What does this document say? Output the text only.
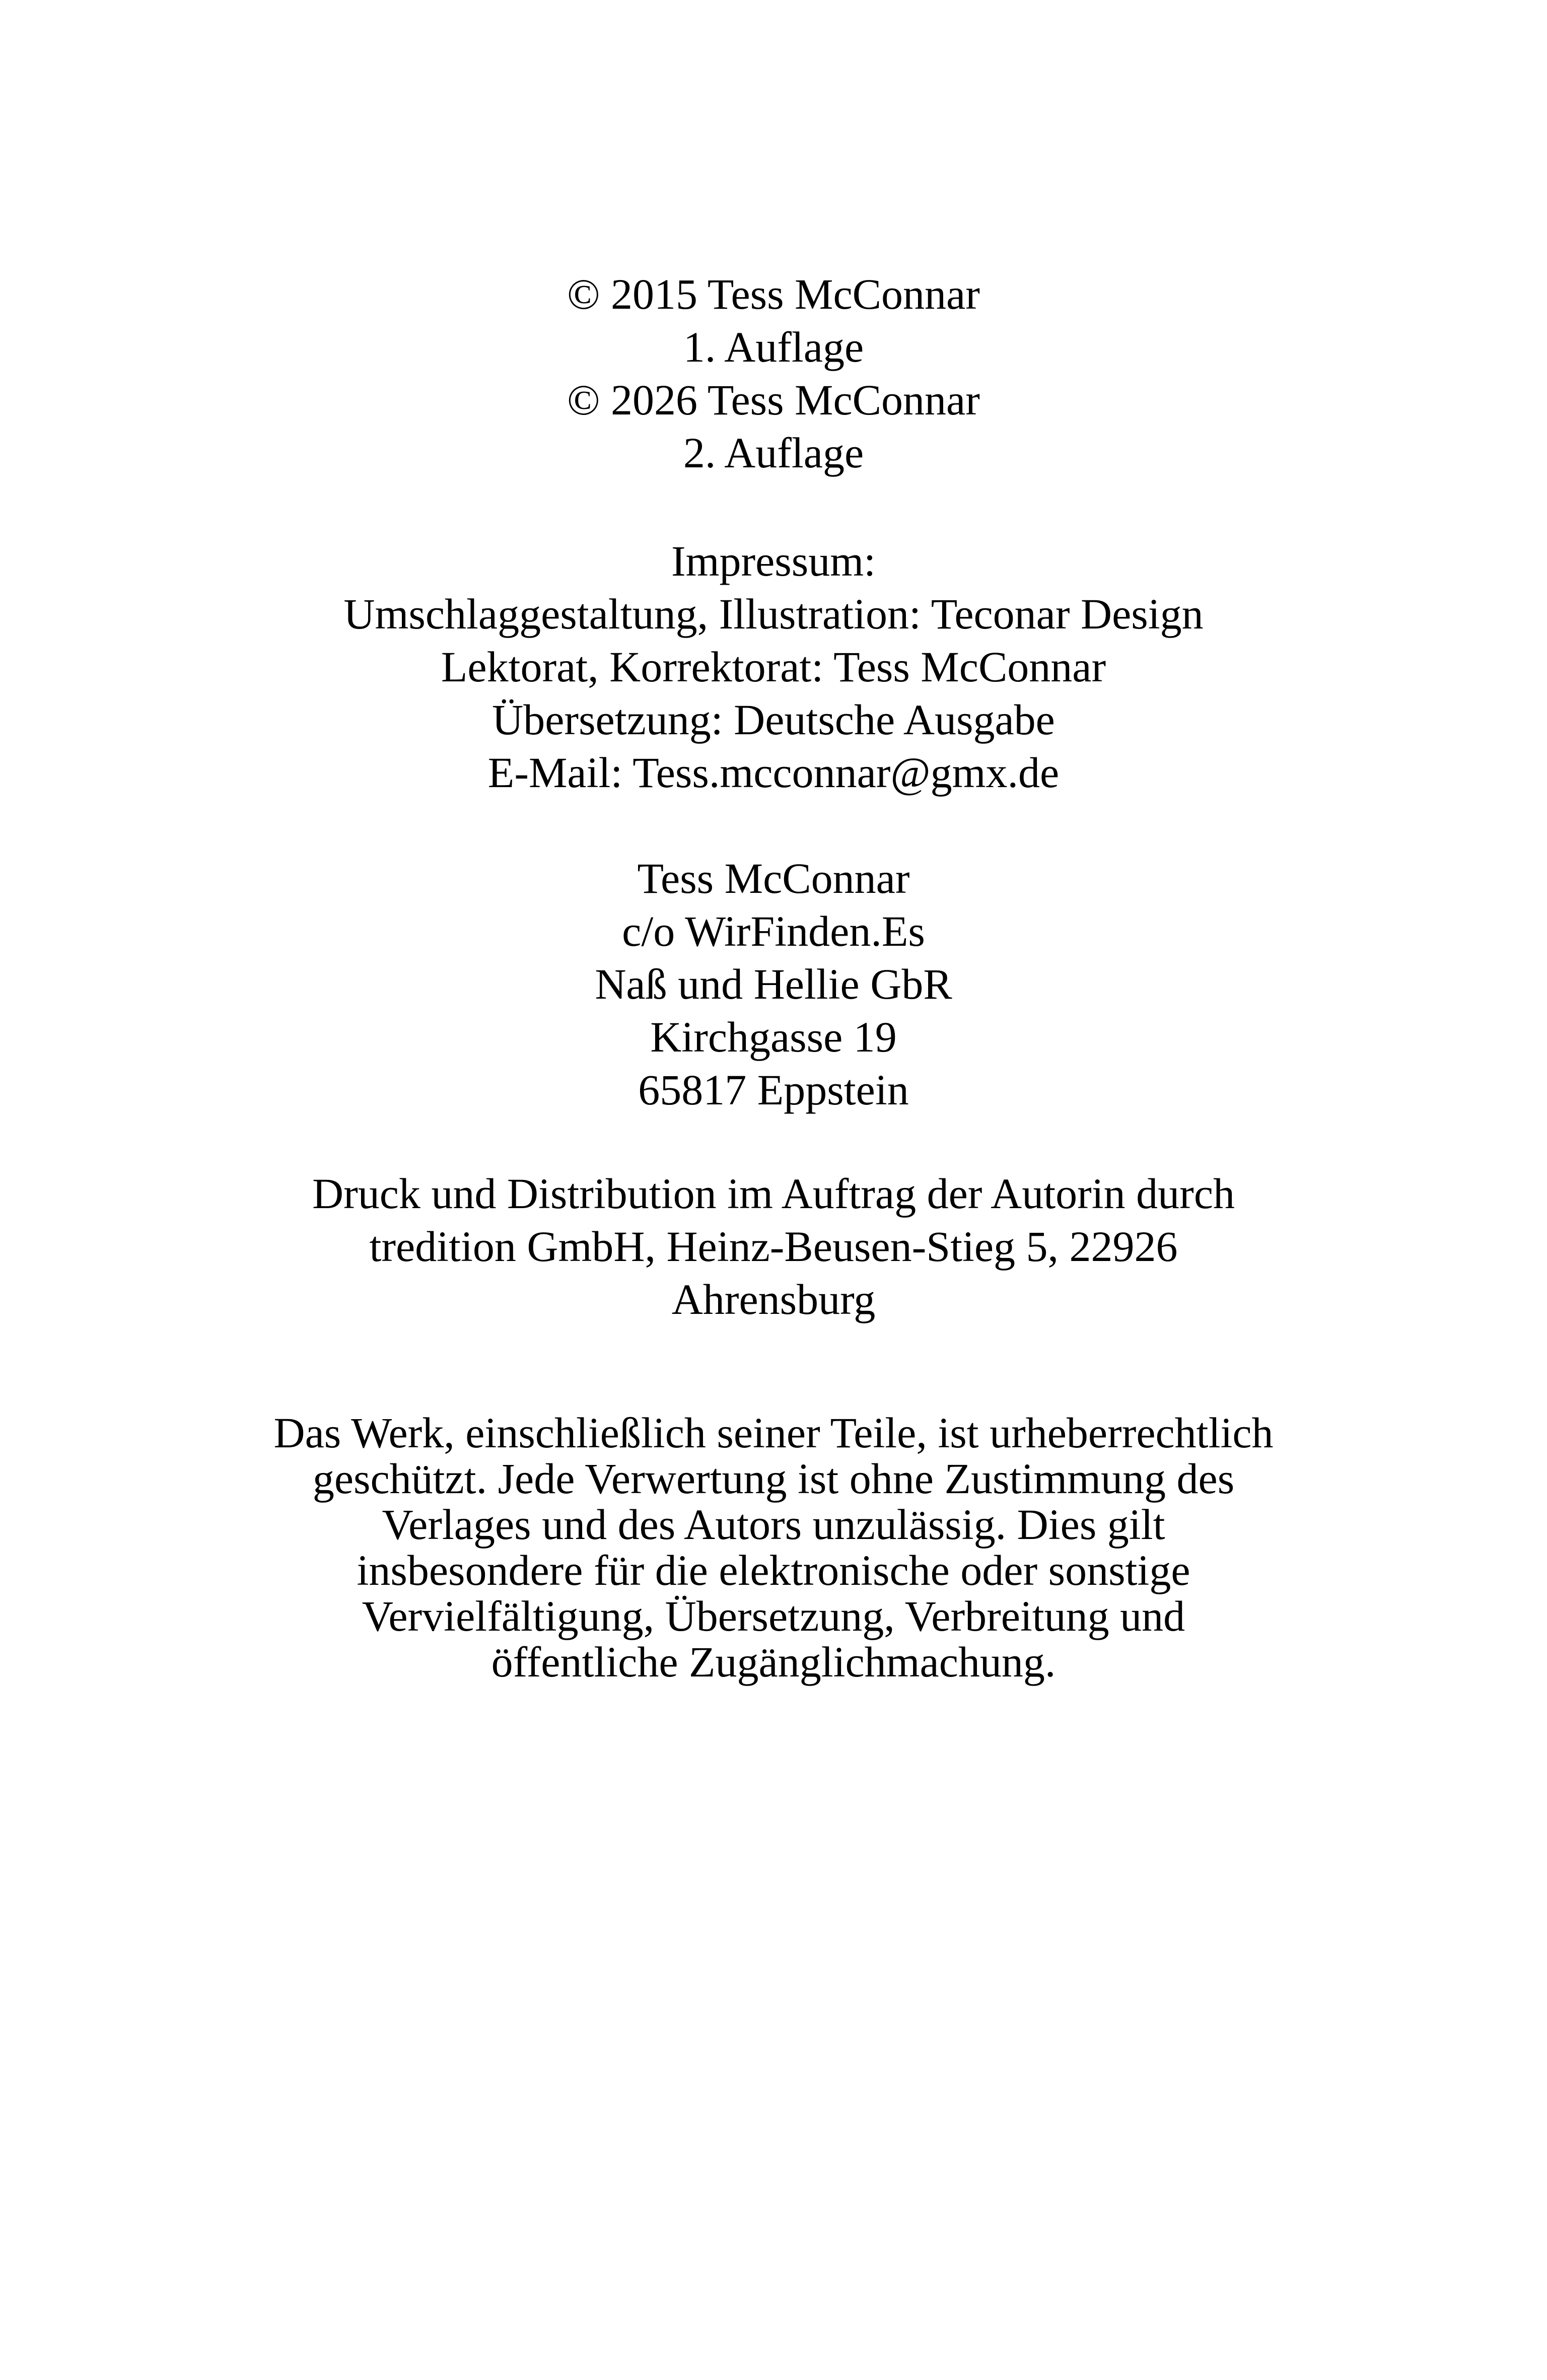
© 2015 Tess McConnar
1. Auflage
© 2026 Tess McConnar
2. Auflage
Impressum:
Umschlaggestaltung, Illustration: Teconar Design
Lektorat, Korrektorat: Tess McConnar
Übersetzung: Deutsche Ausgabe
E-Mail: Tess.mcconnar@gmx.de
Tess McConnar
c/o WirFinden.Es
Naß und Hellie GbR
Kirchgasse 19
65817 Eppstein
Druck und Distribution im Auftrag der Autorin durch
tredition GmbH, Heinz-Beusen-Stieg 5, 22926
Ahrensburg
Das Werk, einschließlich seiner Teile, ist urheberrechtlich
geschützt. Jede Verwertung ist ohne Zustimmung des
Verlages und des Autors unzulässig. Dies gilt
insbesondere für die elektronische oder sonstige
Vervielfältigung, Übersetzung, Verbreitung und
öffentliche Zugänglichmachung.
